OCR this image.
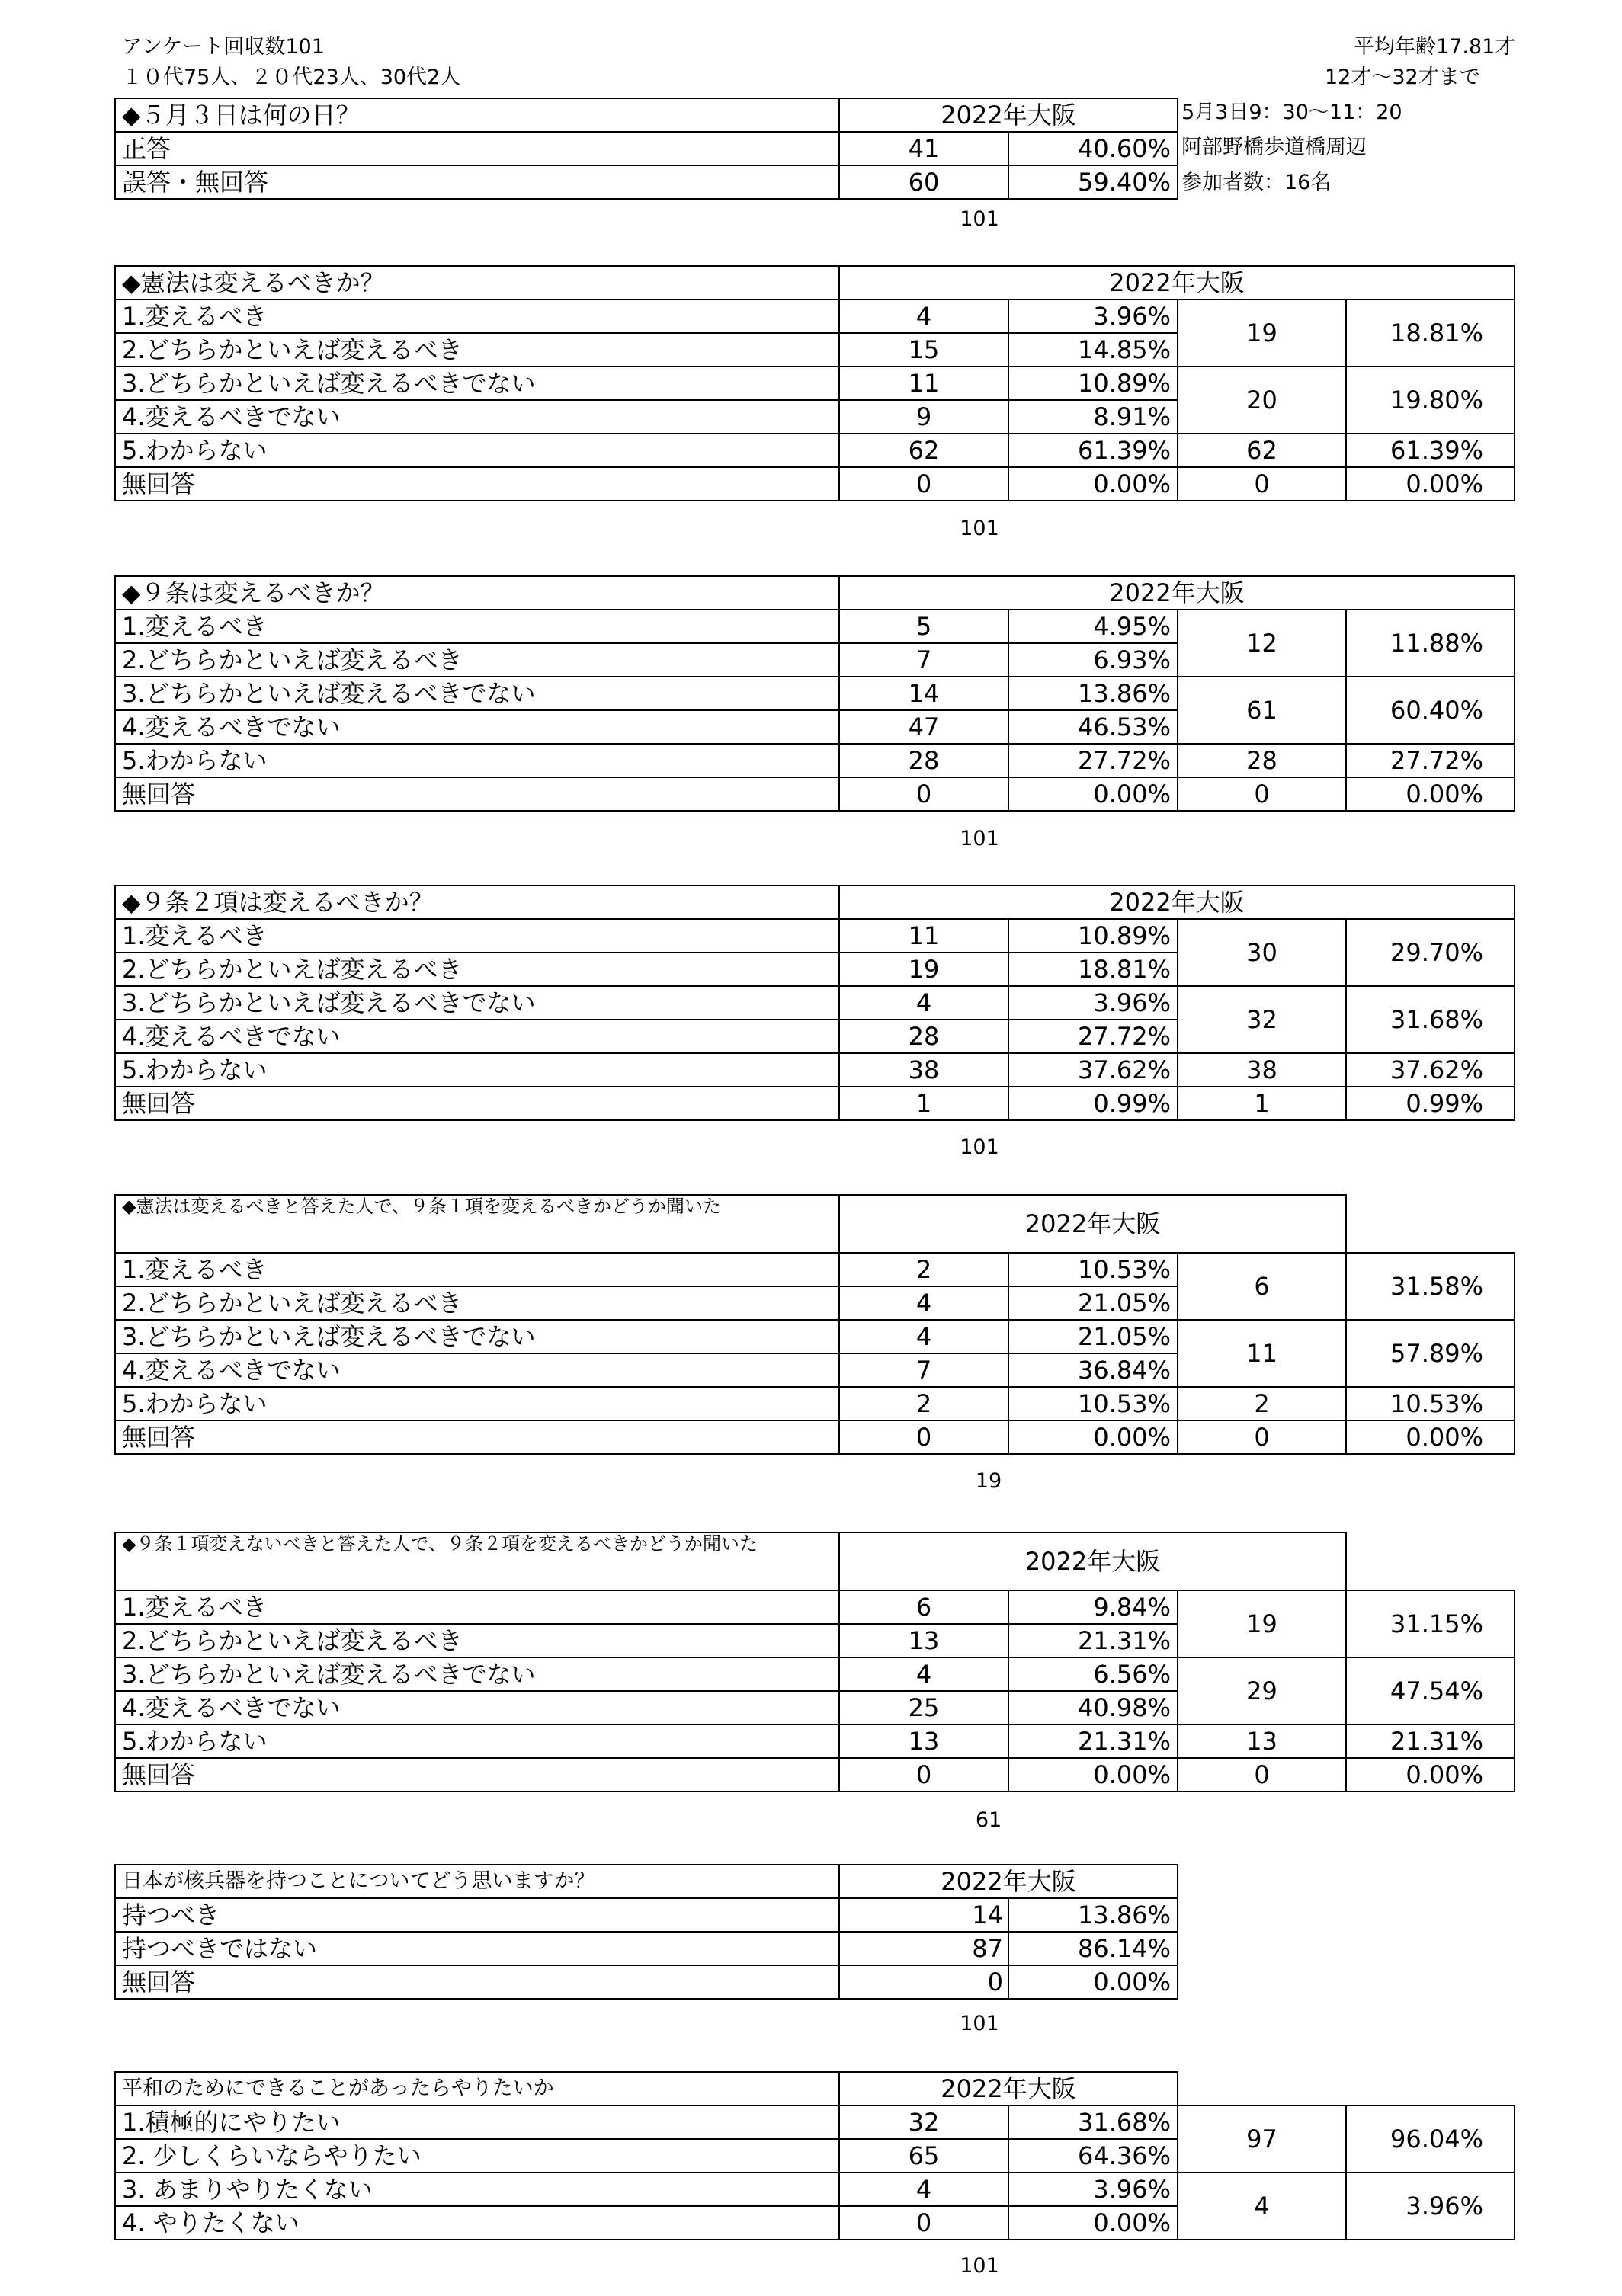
アンケート回収数101
１０代75人、２０代23人、30代2人
平均年齢17.81才
12才～32才まで
◆５月３日は何の日？	2022年大阪	
正答	41	40.60%
誤答・無回答	60	59.40%
5月3日9：30～11：20
阿部野橋歩道橋周辺
参加者数：16名
101
◆憲法は変えるべきか？	2022年大阪			
1.変えるべき	4	3.96%	19	18.81%
2.どちらかといえば変えるべき	15	14.85%		
3.どちらかといえば変えるべきでない	11	10.89%	20	19.80%
4.変えるべきでない	9	8.91%		
5.わからない	62	61.39%	62	61.39%
無回答	0	0.00%	0	0.00%
101
◆９条は変えるべきか？	2022年大阪			
1.変えるべき	5	4.95%	12	11.88%
2.どちらかといえば変えるべき	7	6.93%		
3.どちらかといえば変えるべきでない	14	13.86%	61	60.40%
4.変えるべきでない	47	46.53%		
5.わからない	28	27.72%	28	27.72%
無回答	0	0.00%	0	0.00%
101
◆９条２項は変えるべきか？	2022年大阪			
1.変えるべき	11	10.89%	30	29.70%
2.どちらかといえば変えるべき	19	18.81%		
3.どちらかといえば変えるべきでない	4	3.96%	32	31.68%
4.変えるべきでない	28	27.72%		
5.わからない	38	37.62%	38	37.62%
無回答	1	0.99%	1	0.99%
101
◆憲法は変えるべきと答えた人で、９条１項を変えるべきかどうか聞いた	2022年大阪			
1.変えるべき	2	10.53%	6	31.58%
2.どちらかといえば変えるべき	4	21.05%		
3.どちらかといえば変えるべきでない	4	21.05%	11	57.89%
4.変えるべきでない	7	36.84%		
5.わからない	2	10.53%	2	10.53%
無回答	0	0.00%	0	0.00%
19
◆９条１項変えないべきと答えた人で、９条２項を変えるべきかどうか聞いた	2022年大阪			
1.変えるべき	6	9.84%	19	31.15%
2.どちらかといえば変えるべき	13	21.31%		
3.どちらかといえば変えるべきでない	4	6.56%	29	47.54%
4.変えるべきでない	25	40.98%		
5.わからない	13	21.31%	13	21.31%
無回答	0	0.00%	0	0.00%
61
日本が核兵器を持つことについてどう思いますか？	2022年大阪	
持つべき	14	13.86%
持つべきではない	87	86.14%
無回答	0	0.00%
101
平和のためにできることがあったらやりたいか	2022年大阪			
1.積極的にやりたい	32	31.68%	97	96.04%
2. 少しくらいならやりたい	65	64.36%		
3. あまりやりたくない	4	3.96%	4	3.96%
4. やりたくない	0	0.00%		
101
